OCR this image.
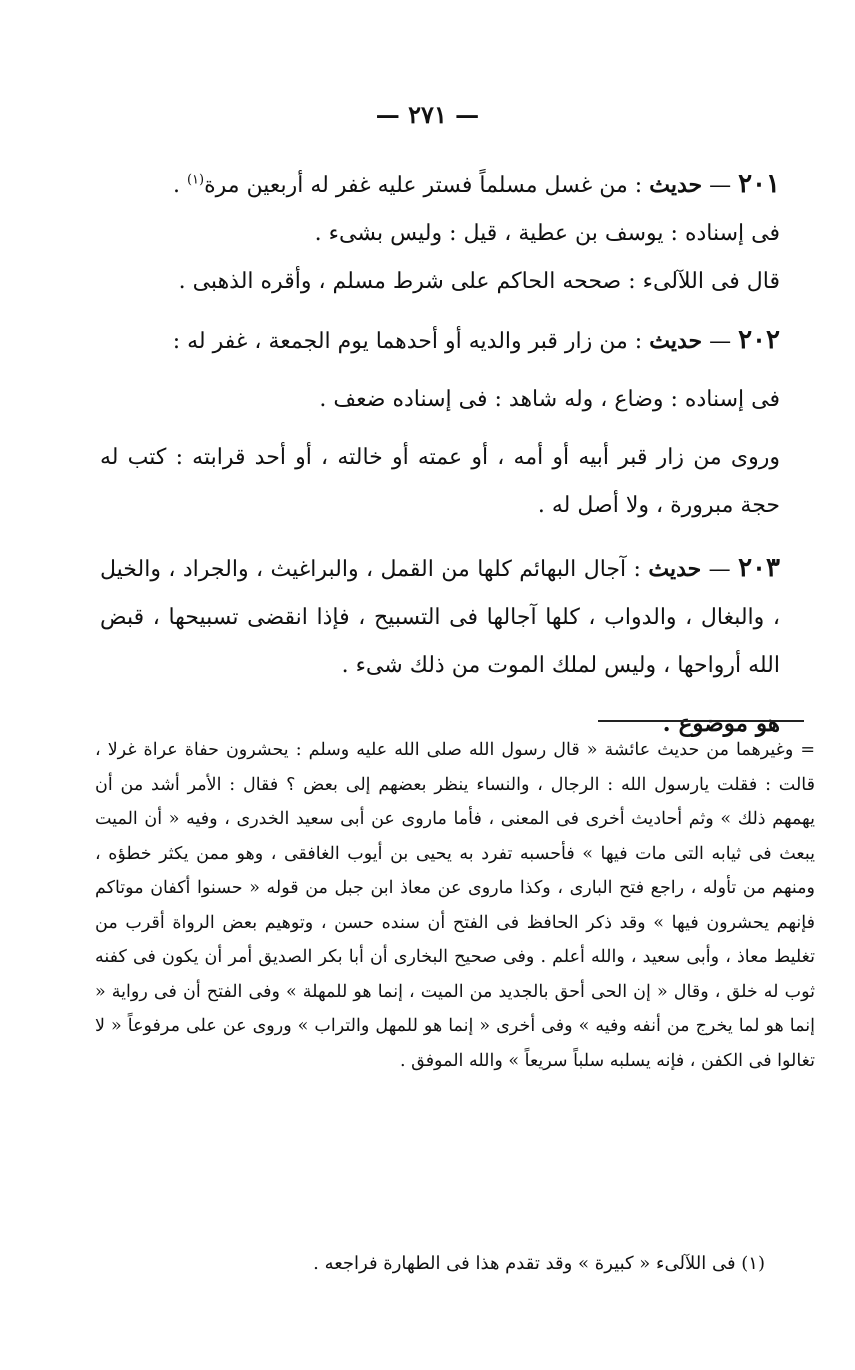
— ٢٧١ —

٢٠١ — حديث : من غسل مسلماً فستر عليه غفر له أربعين مرة$^{(١)}$ .

فى إسناده : يوسف بن عطية ، قيل : وليس بشىء .

قال فى اللآلىء : صححه الحاكم على شرط مسلم ، وأقره الذهبى .

٢٠٢ — حديث : من زار قبر والديه أو أحدهما يوم الجمعة ، غفر له :

فى إسناده : وضاع ، وله شاهد : فى إسناده ضعف .

وروى من زار قبر أبيه أو أمه ، أو عمته أو خالته ، أو أحد قرابته : كتب له حجة مبرورة ، ولا أصل له .

٢٠٣ — حديث : آجال البهائم كلها من القمل ، والبراغيث ، والجراد ، والخيل ، والبغال ، والدواب ، كلها آجالها فى التسبيح ، فإذا انقضى تسبيحها ، قبض الله أرواحها ، وليس لملك الموت من ذلك شىء .

هو موضوع .

= وغيرهما من حديث عائشة « قال رسول الله صلى الله عليه وسلم : يحشرون حفاة عراة غرلا ، قالت : فقلت يارسول الله : الرجال ، والنساء ينظر بعضهم إلى بعض ؟ فقال : الأمر أشد من أن يهمهم ذلك » وثم أحاديث أخرى فى المعنى ، فأما ماروى عن أبى سعيد الخدرى ، وفيه « أن الميت يبعث فى ثيابه التى مات فيها » فأحسبه تفرد به يحيى بن أيوب الغافقى ، وهو ممن يكثر خطؤه ، ومنهم من تأوله ، راجع فتح البارى ، وكذا ماروى عن معاذ ابن جبل من قوله « حسنوا أكفان موتاكم فإنهم يحشرون فيها » وقد ذكر الحافظ فى الفتح أن سنده حسن ، وتوهيم بعض الرواة أقرب من تغليط معاذ ، وأبى سعيد ، والله أعلم . وفى صحيح البخارى أن أبا بكر الصديق أمر أن يكون فى كفنه ثوب له خلق ، وقال « إن الحى أحق بالجديد من الميت ، إنما هو للمهلة » وفى الفتح أن فى رواية « إنما هو لما يخرج من أنفه وفيه » وفى أخرى « إنما هو للمهل والتراب » وروى عن على مرفوعاً « لا تغالوا فى الكفن ، فإنه يسلبه سلباً سريعاً » والله الموفق .

(١) فى اللآلىء « كبيرة » وقد تقدم هذا فى الطهارة فراجعه .
